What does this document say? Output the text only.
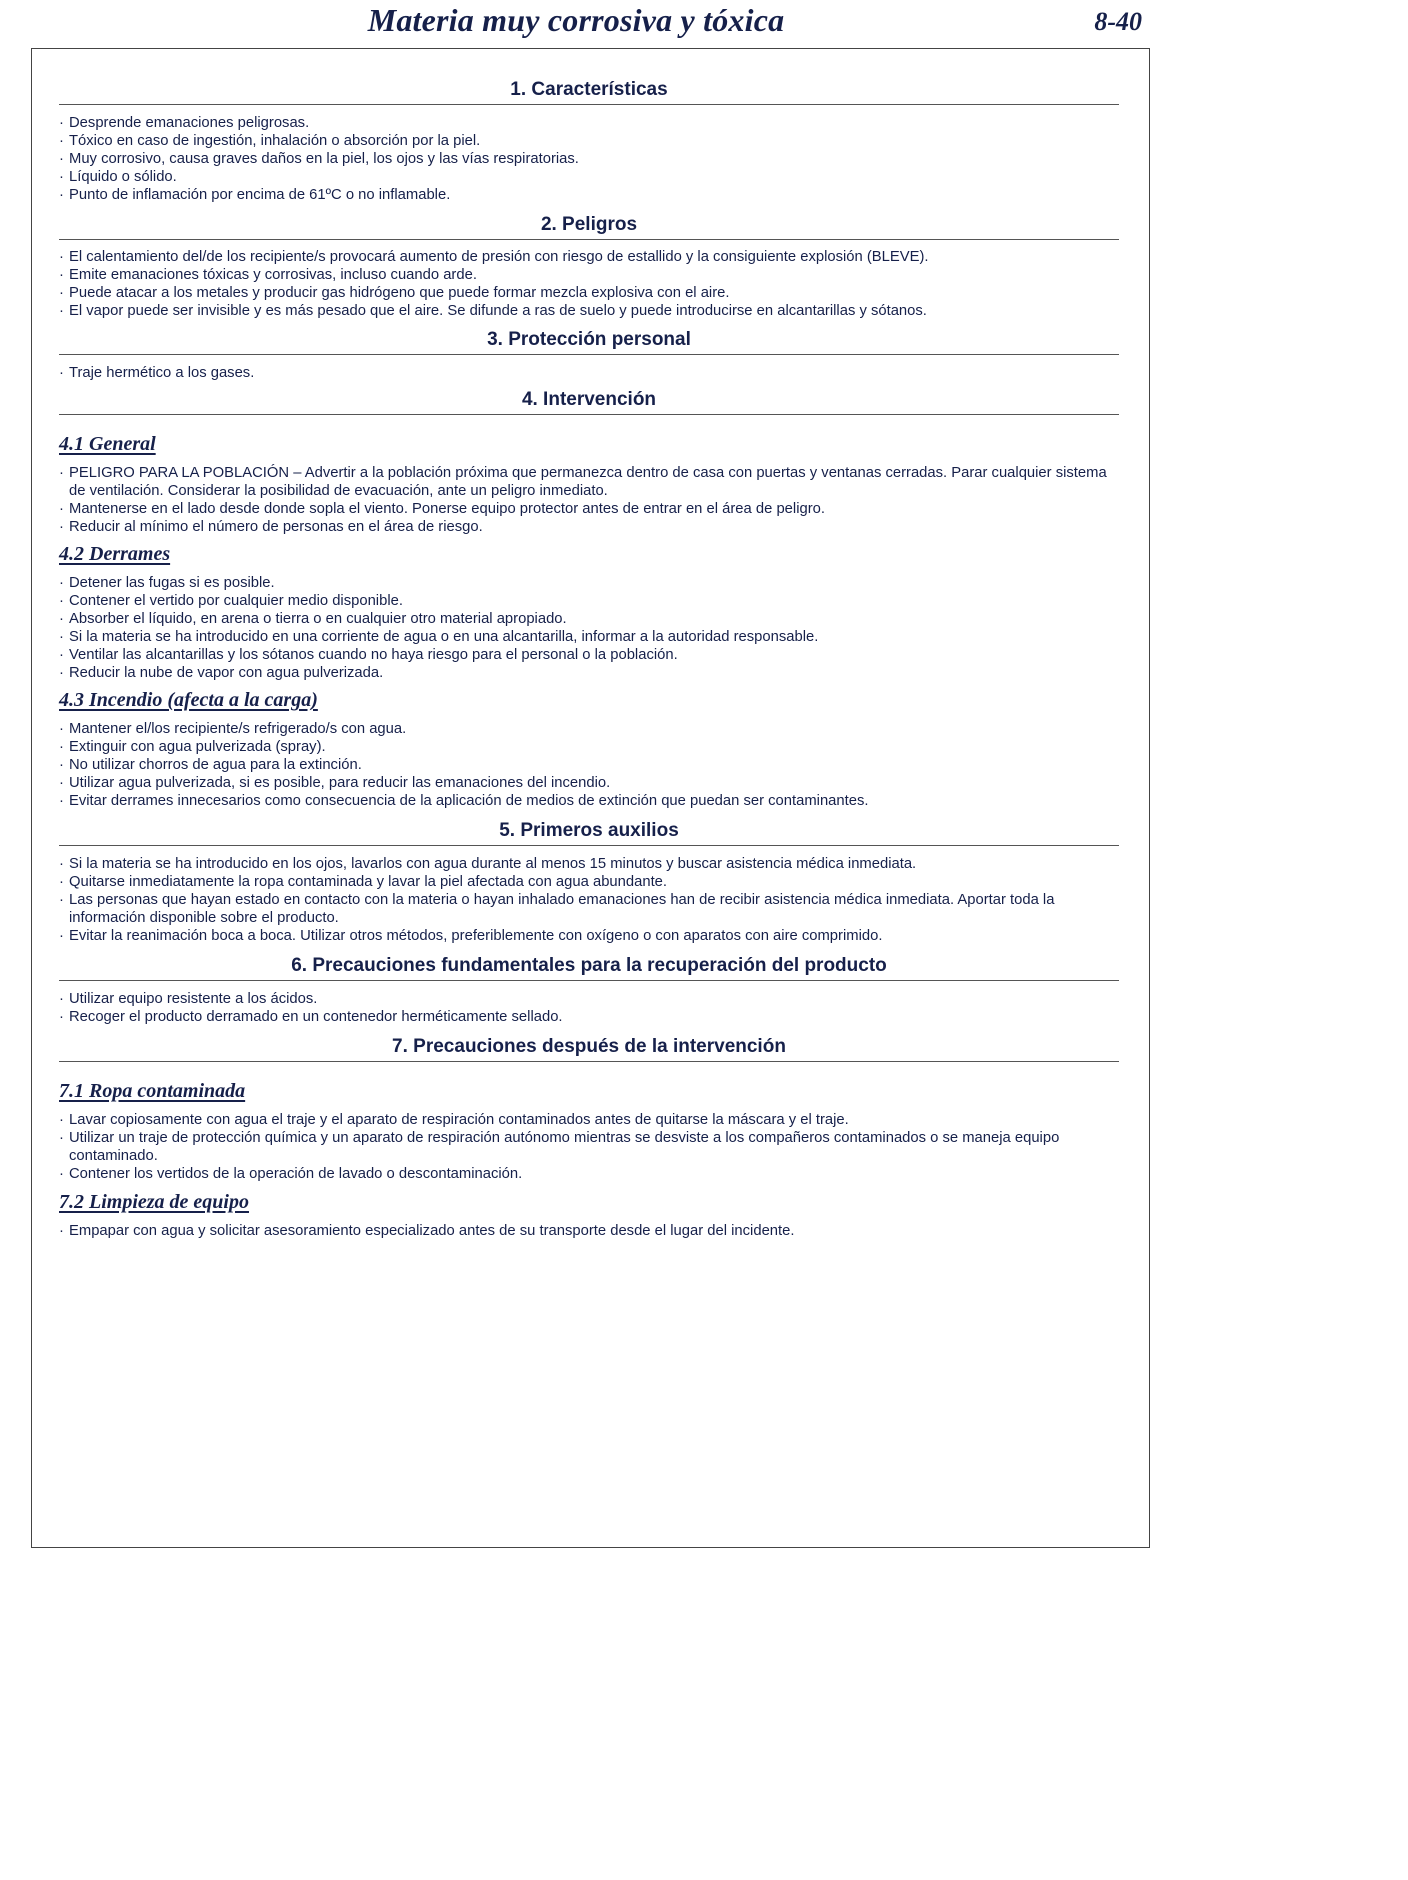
Materia muy corrosiva y tóxica	8-40
1. Características
· Desprende emanaciones peligrosas.
· Tóxico en caso de ingestión, inhalación o absorción por la piel.
· Muy corrosivo, causa graves daños en la piel, los ojos y las vías respiratorias.
· Líquido o sólido.
· Punto de inflamación por encima de 61ºC o no inflamable.
2. Peligros
· El calentamiento del/de los recipiente/s provocará aumento de presión con riesgo de estallido y la consiguiente explosión (BLEVE).
· Emite emanaciones tóxicas y corrosivas, incluso cuando arde.
· Puede atacar a los metales y producir gas hidrógeno que puede formar mezcla explosiva con el aire.
· El vapor puede ser invisible y es más pesado que el aire. Se difunde a ras de suelo y puede introducirse en alcantarillas y sótanos.
3. Protección personal
· Traje hermético a los gases.
4. Intervención
4.1 General
· PELIGRO PARA LA POBLACIÓN – Advertir a la población próxima que permanezca dentro de casa con puertas y ventanas cerradas. Parar cualquier sistema de ventilación. Considerar la posibilidad de evacuación, ante un peligro inmediato.
· Mantenerse en el lado desde donde sopla el viento. Ponerse equipo protector antes de entrar en el área de peligro.
· Reducir al mínimo el número de personas en el área de riesgo.
4.2 Derrames
· Detener las fugas si es posible.
· Contener el vertido por cualquier medio disponible.
· Absorber el líquido, en arena o tierra o en cualquier otro material apropiado.
· Si la materia se ha introducido en una corriente de agua o en una alcantarilla, informar a la autoridad responsable.
· Ventilar las alcantarillas y los sótanos cuando no haya riesgo para el personal o la población.
· Reducir la nube de vapor con agua pulverizada.
4.3 Incendio (afecta a la carga)
· Mantener el/los recipiente/s refrigerado/s con agua.
· Extinguir con agua pulverizada (spray).
· No utilizar chorros de agua para la extinción.
· Utilizar agua pulverizada, si es posible, para reducir las emanaciones del incendio.
· Evitar derrames innecesarios como consecuencia de la aplicación de medios de extinción que puedan ser contaminantes.
5. Primeros auxilios
· Si la materia se ha introducido en los ojos, lavarlos con agua durante al menos 15 minutos y buscar asistencia médica inmediata.
· Quitarse inmediatamente la ropa contaminada y lavar la piel afectada con agua abundante.
· Las personas que hayan estado en contacto con la materia o hayan inhalado emanaciones han de recibir asistencia médica inmediata. Aportar toda la información disponible sobre el producto.
· Evitar la reanimación boca a boca. Utilizar otros métodos, preferiblemente con oxígeno o con aparatos con aire comprimido.
6. Precauciones fundamentales para la recuperación del producto
· Utilizar equipo resistente a los ácidos.
· Recoger el producto derramado en un contenedor herméticamente sellado.
7. Precauciones después de la intervención
7.1 Ropa contaminada
· Lavar copiosamente con agua el traje y el aparato de respiración contaminados antes de quitarse la máscara y el traje.
· Utilizar un traje de protección química y un aparato de respiración autónomo mientras se desviste a los compañeros contaminados o se maneja equipo contaminado.
· Contener los vertidos de la operación de lavado o descontaminación.
7.2 Limpieza de equipo
· Empapar con agua y solicitar asesoramiento especializado antes de su transporte desde el lugar del incidente.
